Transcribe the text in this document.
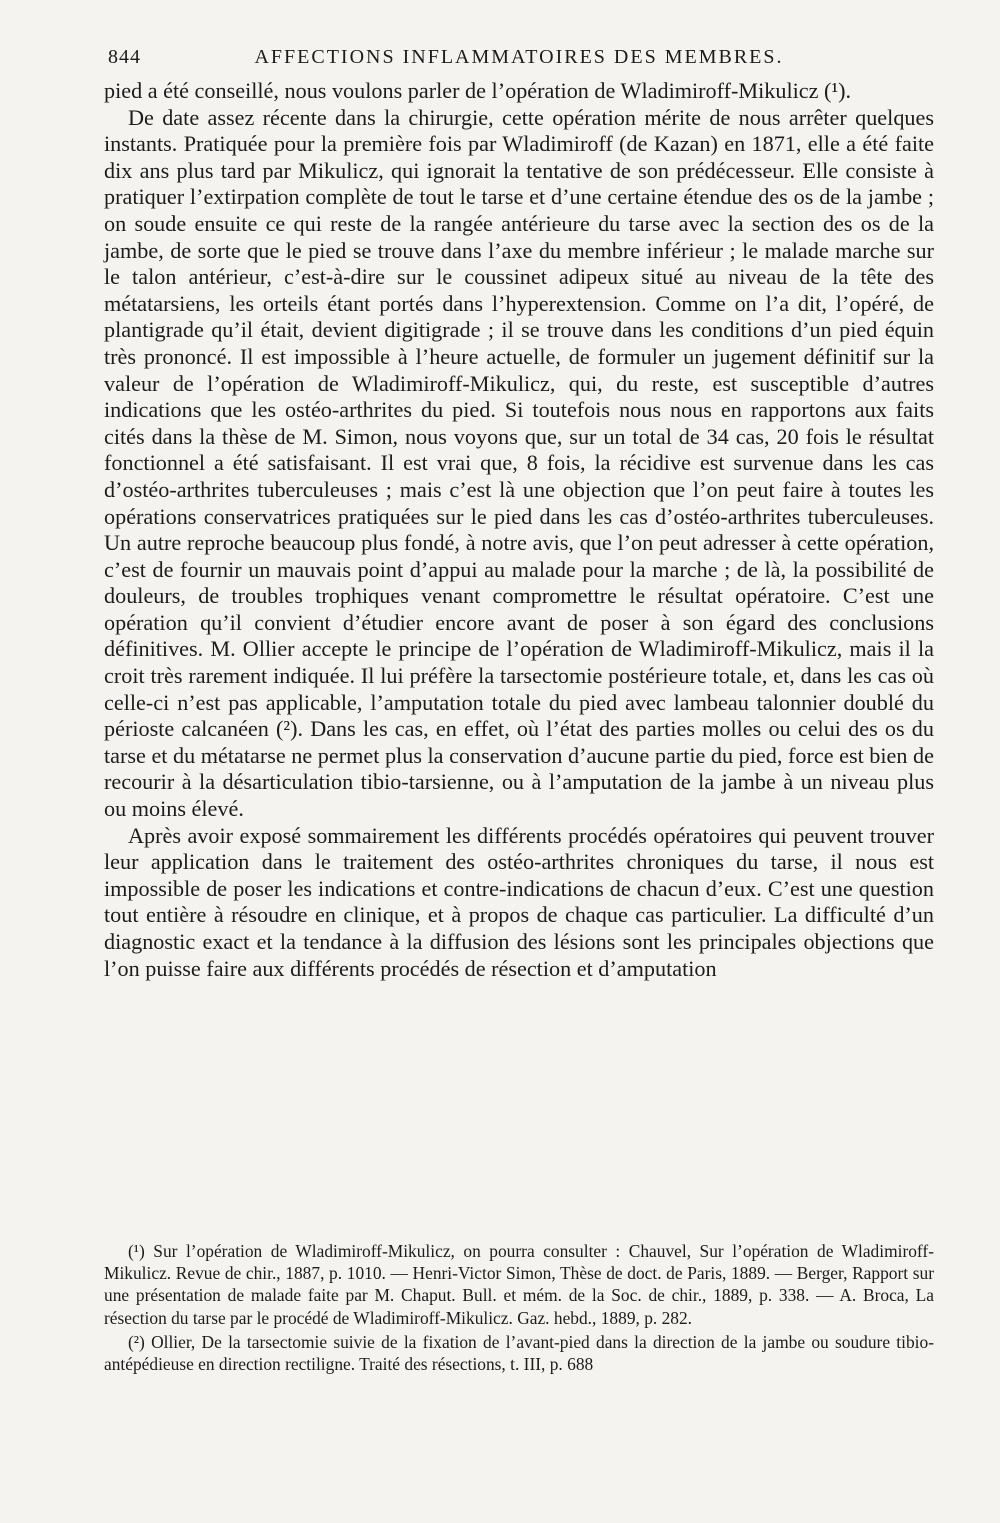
844	AFFECTIONS INFLAMMATOIRES DES MEMBRES.

pied a été conseillé, nous voulons parler de l’opération de Wladimiroff-Mikulicz (¹).

De date assez récente dans la chirurgie, cette opération mérite de nous arrêter quelques instants. Pratiquée pour la première fois par Wladimiroff (de Kazan) en 1871, elle a été faite dix ans plus tard par Mikulicz, qui ignorait la tentative de son prédécesseur. Elle consiste à pratiquer l’extirpation complète de tout le tarse et d’une certaine étendue des os de la jambe ; on soude ensuite ce qui reste de la rangée antérieure du tarse avec la section des os de la jambe, de sorte que le pied se trouve dans l’axe du membre inférieur ; le malade marche sur le talon antérieur, c’est-à-dire sur le coussinet adipeux situé au niveau de la tête des métatarsiens, les orteils étant portés dans l’hyperextension. Comme on l’a dit, l’opéré, de plantigrade qu’il était, devient digitigrade ; il se trouve dans les conditions d’un pied équin très prononcé. Il est impossible à l’heure actuelle, de formuler un jugement définitif sur la valeur de l’opération de Wladimiroff-Mikulicz, qui, du reste, est susceptible d’autres indications que les ostéo-arthrites du pied. Si toutefois nous nous en rapportons aux faits cités dans la thèse de M. Simon, nous voyons que, sur un total de 34 cas, 20 fois le résultat fonctionnel a été satisfaisant. Il est vrai que, 8 fois, la récidive est survenue dans les cas d’ostéo-arthrites tuberculeuses ; mais c’est là une objection que l’on peut faire à toutes les opérations conservatrices pratiquées sur le pied dans les cas d’ostéo-arthrites tuberculeuses. Un autre reproche beaucoup plus fondé, à notre avis, que l’on peut adresser à cette opération, c’est de fournir un mauvais point d’appui au malade pour la marche ; de là, la possibilité de douleurs, de troubles trophiques venant compromettre le résultat opératoire. C’est une opération qu’il convient d’étudier encore avant de poser à son égard des conclusions définitives. M. Ollier accepte le principe de l’opération de Wladimiroff-Mikulicz, mais il la croit très rarement indiquée. Il lui préfère la tarsectomie postérieure totale, et, dans les cas où celle-ci n’est pas applicable, l’amputation totale du pied avec lambeau talonnier doublé du périoste calcanéen (²). Dans les cas, en effet, où l’état des parties molles ou celui des os du tarse et du métatarse ne permet plus la conservation d’aucune partie du pied, force est bien de recourir à la désarticulation tibio-tarsienne, ou à l’amputation de la jambe à un niveau plus ou moins élevé.

Après avoir exposé sommairement les différents procédés opératoires qui peuvent trouver leur application dans le traitement des ostéo-arthrites chroniques du tarse, il nous est impossible de poser les indications et contre-indications de chacun d’eux. C’est une question tout entière à résoudre en clinique, et à propos de chaque cas particulier. La difficulté d’un diagnostic exact et la tendance à la diffusion des lésions sont les principales objections que l’on puisse faire aux différents procédés de résection et d’amputation

(¹) Sur l’opération de Wladimiroff-Mikulicz, on pourra consulter : Chauvel, Sur l’opération de Wladimiroff-Mikulicz. Revue de chir., 1887, p. 1010. — Henri-Victor Simon, Thèse de doct. de Paris, 1889. — Berger, Rapport sur une présentation de malade faite par M. Chaput. Bull. et mém. de la Soc. de chir., 1889, p. 338. — A. Broca, La résection du tarse par le procédé de Wladimiroff-Mikulicz. Gaz. hebd., 1889, p. 282.

(²) Ollier, De la tarsectomie suivie de la fixation de l’avant-pied dans la direction de la jambe ou soudure tibio-antépédieuse en direction rectiligne. Traité des résections, t. III, p. 688
